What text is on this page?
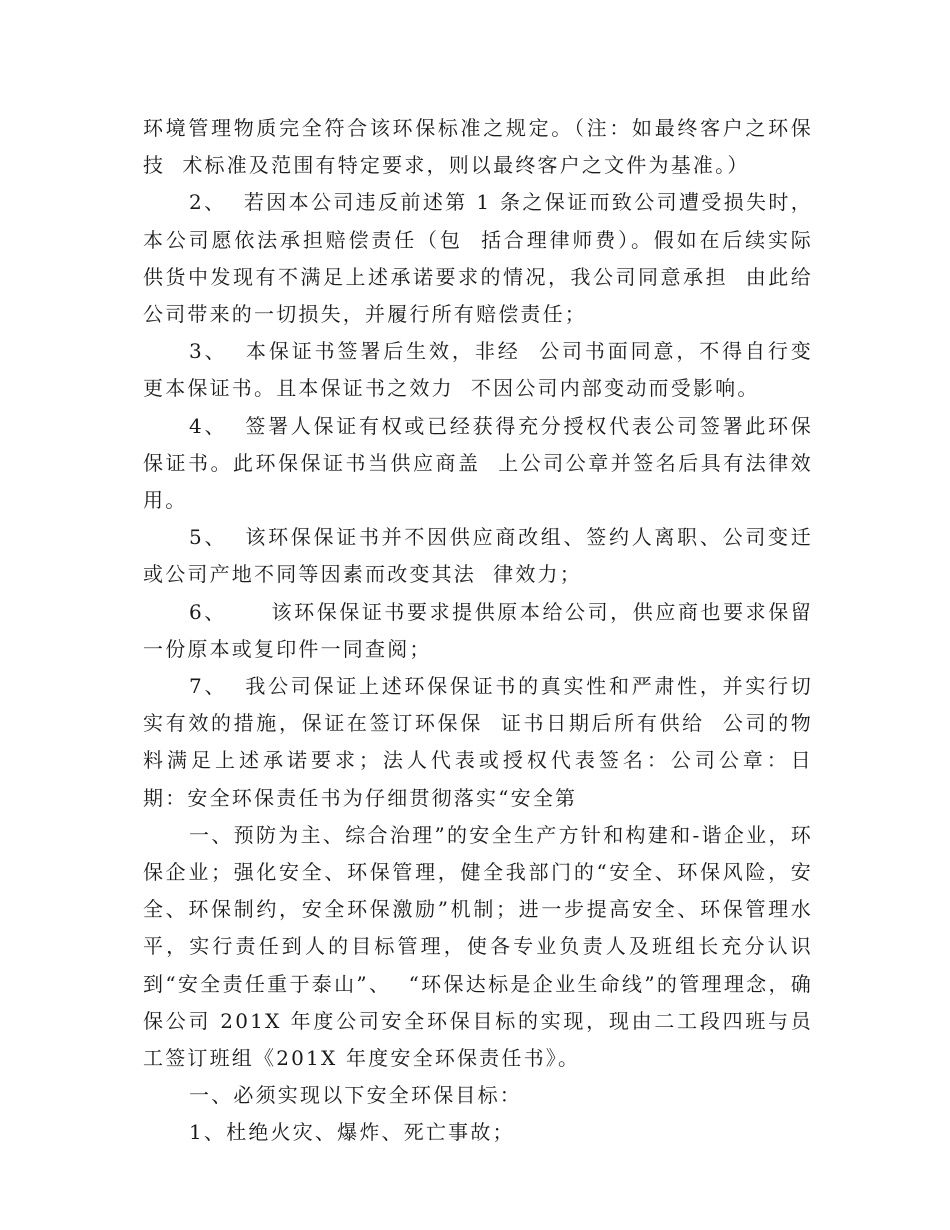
环境管理物质完全符合该环保标准之规定。（注：如最终客户之环保技  术标准及范围有特定要求，则以最终客户之文件为基准。）

2、  若因本公司违反前述第 1 条之保证而致公司遭受损失时，本公司愿依法承担赔偿责任（包  括合理律师费）。假如在后续实际供货中发现有不满足上述承诺要求的情况，我公司同意承担  由此给  公司带来的一切损失，并履行所有赔偿责任；

3、  本保证书签署后生效，非经  公司书面同意，不得自行变更本保证书。且本保证书之效力  不因公司内部变动而受影响。

4、  签署人保证有权或已经获得充分授权代表公司签署此环保保证书。此环保保证书当供应商盖  上公司公章并签名后具有法律效用。

5、  该环保保证书并不因供应商改组、签约人离职、公司变迁或公司产地不同等因素而改变其法  律效力；

6、     该环保保证书要求提供原本给公司，供应商也要求保留一份原本或复印件一同查阅；

7、  我公司保证上述环保保证书的真实性和严肃性，并实行切实有效的措施，保证在签订环保保  证书日期后所有供给  公司的物料满足上述承诺要求；法人代表或授权代表签名：公司公章：日  期：安全环保责任书为仔细贯彻落实“安全第

一、预防为主、综合治理”的安全生产方针和构建和-谐企业，环保企业；强化安全、环保管理，健全我部门的“安全、环保风险，安全、环保制约，安全环保激励”机制；进一步提高安全、环保管理水平，实行责任到人的目标管理，使各专业负责人及班组长充分认识到“安全责任重于泰山”、  “环保达标是企业生命线”的管理理念，确保公司 201X 年度公司安全环保目标的实现，现由二工段四班与员工签订班组《201X 年度安全环保责任书》。

一、必须实现以下安全环保目标：

1、杜绝火灾、爆炸、死亡事故；
